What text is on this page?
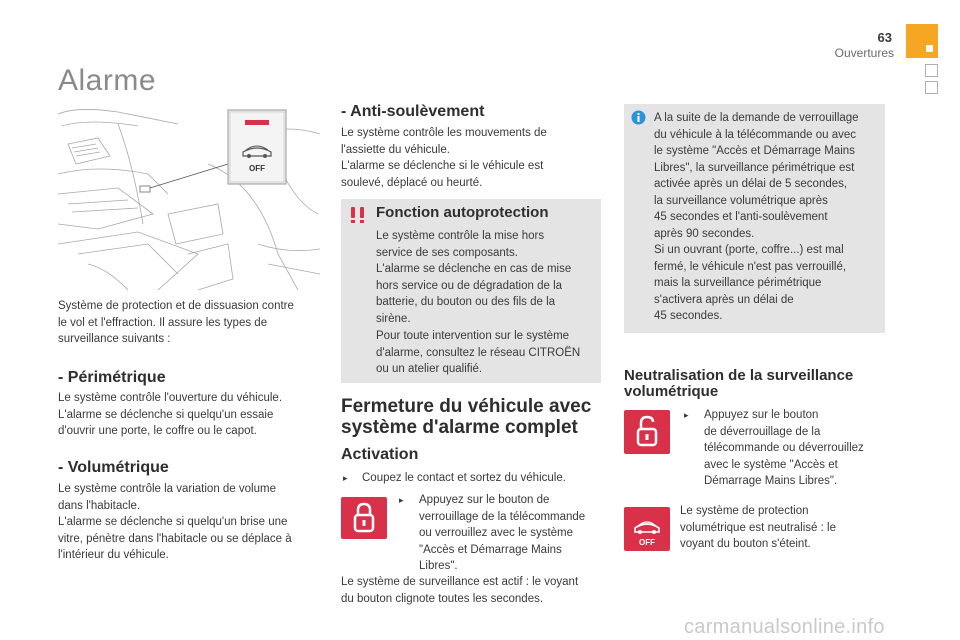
63
Ouvertures
Alarme
OFF

Système de protection et de dissuasion contre
le vol et l'effraction. Il assure les types de
surveillance suivants :

- Périmétrique

Le système contrôle l'ouverture du véhicule.
L'alarme se déclenche si quelqu'un essaie
d'ouvrir une porte, le coffre ou le capot.

- Volumétrique

Le système contrôle la variation de volume
dans l'habitacle.
L'alarme se déclenche si quelqu'un brise une
vitre, pénètre dans l'habitacle ou se déplace à
l'intérieur du véhicule.

- Anti-soulèvement

Le système contrôle les mouvements de
l'assiette du véhicule.
L'alarme se déclenche si le véhicule est
soulevé, déplacé ou heurté.

Fonction autoprotection

Le système contrôle la mise hors
service de ses composants.
L'alarme se déclenche en cas de mise
hors service ou de dégradation de la
batterie, du bouton ou des fils de la
sirène.

Pour toute intervention sur le système
d'alarme, consultez le réseau CITROËN
ou un atelier qualifié.

Fermeture du véhicule avec
système d'alarme complet
Activation
▸ Coupez le contact et sortez du véhicule.

▸ Appuyez sur le bouton de
verrouillage de la télécommande
ou verrouillez avec le système
"Accès et Démarrage Mains
Libres".

Le système de surveillance est actif : le voyant
du bouton clignote toutes les secondes.

A la suite de la demande de verrouillage
du véhicule à la télécommande ou avec
le système "Accès et Démarrage Mains
Libres", la surveillance périmétrique est
activée après un délai de 5 secondes,
la surveillance volumétrique après
45 secondes et l'anti-soulèvement
après 90 secondes.
Si un ouvrant (porte, coffre...) est mal
fermé, le véhicule n'est pas verrouillé,
mais la surveillance périmétrique
s'activera après un délai de
45 secondes.

Neutralisation de la surveillance
volumétrique
▸ Appuyez sur le bouton
de déverrouillage de la
télécommande ou déverrouillez
avec le système "Accès et
Démarrage Mains Libres".

OFF

Le système de protection
volumétrique est neutralisé : le
voyant du bouton s'éteint.

carmanualsonline.info
